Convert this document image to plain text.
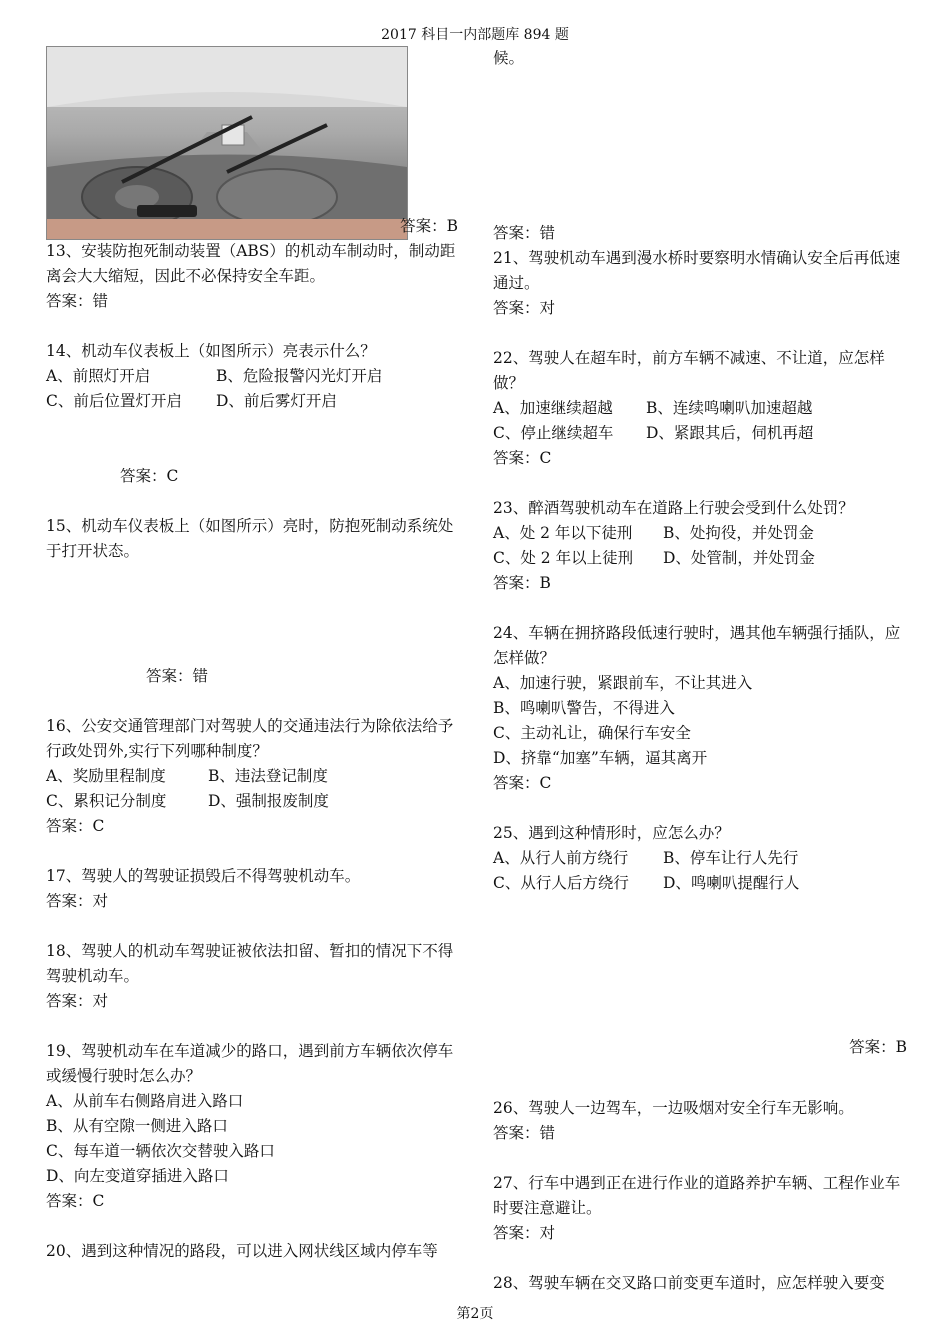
2017 科目一内部题库 894 题
答案：B
13、安装防抱死制动装置（ABS）的机动车制动时，制动距离会大大缩短，因此不必保持安全车距。
答案：错
14、机动车仪表板上（如图所示）亮表示什么？
A、前照灯开启	B、危险报警闪光灯开启
C、前后位置灯开启 D、前后雾灯开启
答案：C
15、机动车仪表板上（如图所示）亮时，防抱死制动系统处于打开状态。
答案：错
16、公安交通管理部门对驾驶人的交通违法行为除依法给予行政处罚外,实行下列哪种制度？
A、奖励里程制度	B、违法登记制度
C、累积记分制度	D、强制报废制度
答案：C
17、驾驶人的驾驶证损毁后不得驾驶机动车。
答案：对
18、驾驶人的机动车驾驶证被依法扣留、暂扣的情况下不得驾驶机动车。
答案：对
19、驾驶机动车在车道减少的路口，遇到前方车辆依次停车或缓慢行驶时怎么办？
A、从前车右侧路肩进入路口
B、从有空隙一侧进入路口
C、每车道一辆依次交替驶入路口
D、向左变道穿插进入路口
答案：C
20、遇到这种情况的路段，可以进入网状线区域内停车等
候。
答案：错
21、驾驶机动车遇到漫水桥时要察明水情确认安全后再低速通过。
答案：对
22、驾驶人在超车时，前方车辆不减速、不让道，应怎样做？
A、加速继续超越 B、连续鸣喇叭加速超越
C、停止继续超车 D、紧跟其后，伺机再超
答案：C
23、醉酒驾驶机动车在道路上行驶会受到什么处罚？
A、处 2 年以下徒刑 B、处拘役，并处罚金
C、处 2 年以上徒刑 D、处管制，并处罚金
答案：B
24、车辆在拥挤路段低速行驶时，遇其他车辆强行插队，应怎样做？
A、加速行驶，紧跟前车，不让其进入
B、鸣喇叭警告，不得进入
C、主动礼让，确保行车安全
D、挤靠“加塞”车辆，逼其离开
答案：C
25、遇到这种情形时，应怎么办？
A、从行人前方绕行 B、停车让行人先行
C、从行人后方绕行 D、鸣喇叭提醒行人
答案：B
26、驾驶人一边驾车，一边吸烟对安全行车无影响。
答案：错
27、行车中遇到正在进行作业的道路养护车辆、工程作业车时要注意避让。
答案：对
28、驾驶车辆在交叉路口前变更车道时，应怎样驶入要变
第2页
